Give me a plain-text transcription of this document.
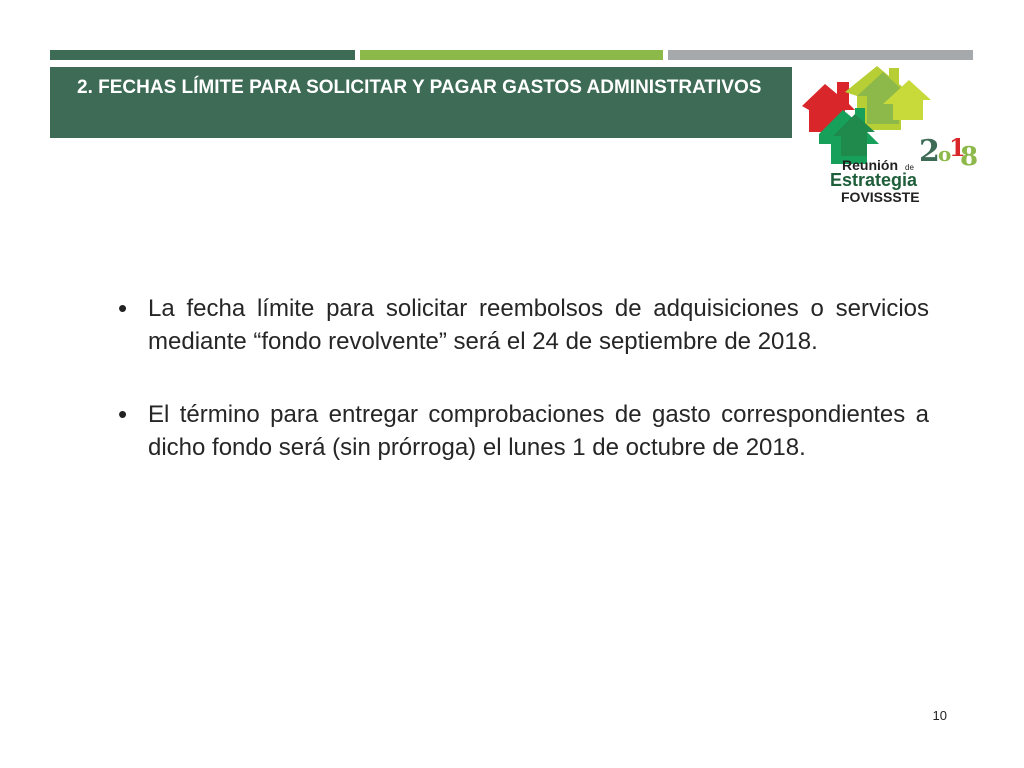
2. FECHAS LÍMITE PARA SOLICITAR Y PAGAR GASTOS ADMINISTRATIVOS
2
o
1
8
Reunión de
Estrategia
FOVISSSTE
• La fecha límite para solicitar reembolsos de adquisiciones o servicios mediante “fondo revolvente” será el 24 de septiembre de 2018.
• El término para entregar comprobaciones de gasto correspondientes a dicho fondo será (sin prórroga) el lunes 1 de octubre de 2018.
10
